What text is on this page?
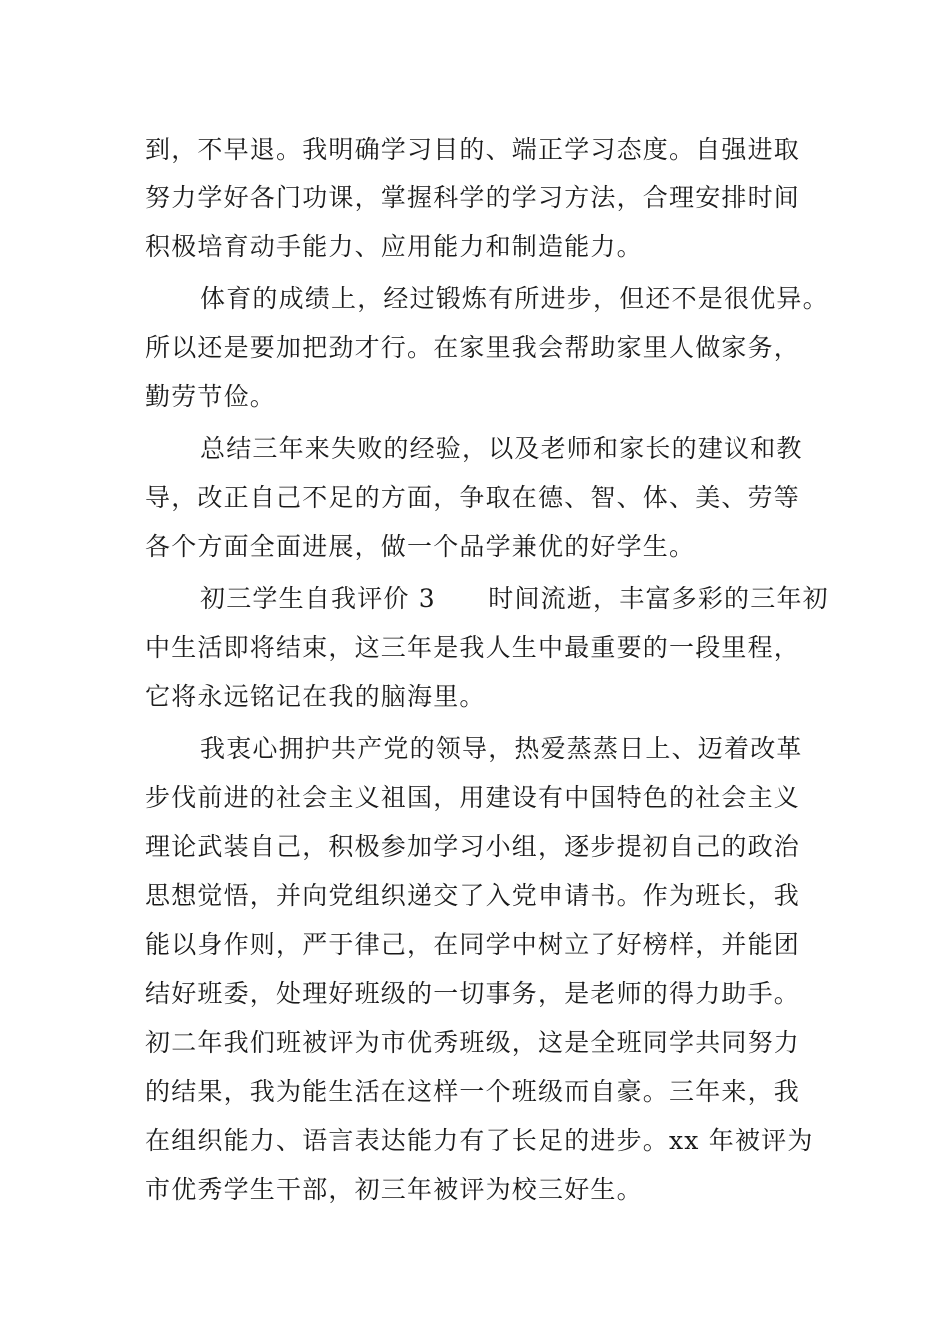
到，不早退。我明确学习目的、端正学习态度。自强进取
努力学好各门功课，掌握科学的学习方法，合理安排时间
积极培育动手能力、应用能力和制造能力。
体育的成绩上，经过锻炼有所进步，但还不是很优异。
所以还是要加把劲才行。在家里我会帮助家里人做家务，
勤劳节俭。
总结三年来失败的经验，以及老师和家长的建议和教
导，改正自己不足的方面，争取在德、智、体、美、劳等
各个方面全面进展，做一个品学兼优的好学生。
初三学生自我评价 3　　时间流逝，丰富多彩的三年初
中生活即将结束，这三年是我人生中最重要的一段里程，
它将永远铭记在我的脑海里。
我衷心拥护共产党的领导，热爱蒸蒸日上、迈着改革
步伐前进的社会主义祖国，用建设有中国特色的社会主义
理论武装自己，积极参加学习小组，逐步提初自己的政治
思想觉悟，并向党组织递交了入党申请书。作为班长，我
能以身作则，严于律己，在同学中树立了好榜样，并能团
结好班委，处理好班级的一切事务，是老师的得力助手。
初二年我们班被评为市优秀班级，这是全班同学共同努力
的结果，我为能生活在这样一个班级而自豪。三年来，我
在组织能力、语言表达能力有了长足的进步。xx 年被评为
市优秀学生干部，初三年被评为校三好生。
